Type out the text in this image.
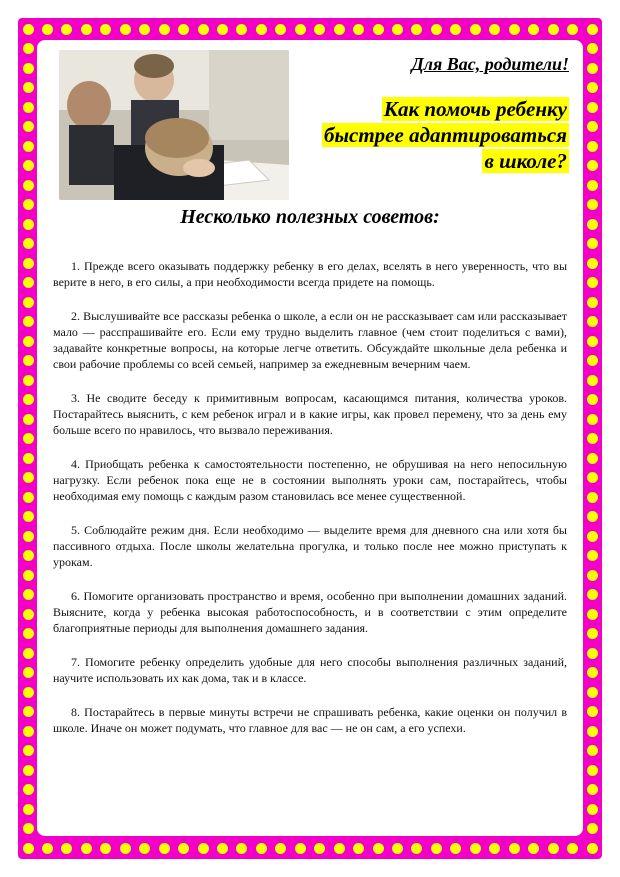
Для Вас, родители!
Как помочь ребенку
быстрее адаптироваться
в школе?
Несколько полезных советов:

1. Прежде всего оказывать поддержку ребенку в его делах, вселять в него уверенность, что вы верите в него, в его силы, а при необходимости всегда придете на помощь.

2. Выслушивайте все рассказы ребенка о школе, а если он не рассказывает сам или рассказывает мало — расспрашивайте его. Если ему трудно выделить главное (чем стоит поделиться с вами), задавайте конкретные вопросы, на которые легче ответить. Обсуждайте школьные дела ребенка и свои рабочие проблемы со всей семьей, например за ежедневным вечерним чаем.

3. Не сводите беседу к примитивным вопросам, касающимся питания, количества уроков. Постарайтесь выяснить, с кем ребенок играл и в какие игры, как провел перемену, что за день ему больше всего по нравилось, что вызвало переживания.

4. Приобщать ребенка к самостоятельности постепенно, не обрушивая на него непосильную нагрузку. Если ребенок пока еще не в состоянии выполнять уроки сам, постарайтесь, чтобы необходимая ему помощь с каждым разом становилась все менее существенной.

5. Соблюдайте режим дня. Если необходимо — выделите время для дневного сна или хотя бы пассивного отдыха. После школы желательна прогулка, и только после нее можно приступать к урокам.

6. Помогите организовать пространство и время, особенно при выполнении домашних заданий. Выясните, когда у ребенка высокая работоспособность, и в соответствии с этим определите благоприятные периоды для выполнения домашнего задания.

7. Помогите ребенку определить удобные для него способы выполнения различных заданий, научите использовать их как дома, так и в классе.

8. Постарайтесь в первые минуты встречи не спрашивать ребенка, какие оценки он получил в школе. Иначе он может подумать, что главное для вас — не он сам, а его успехи.
